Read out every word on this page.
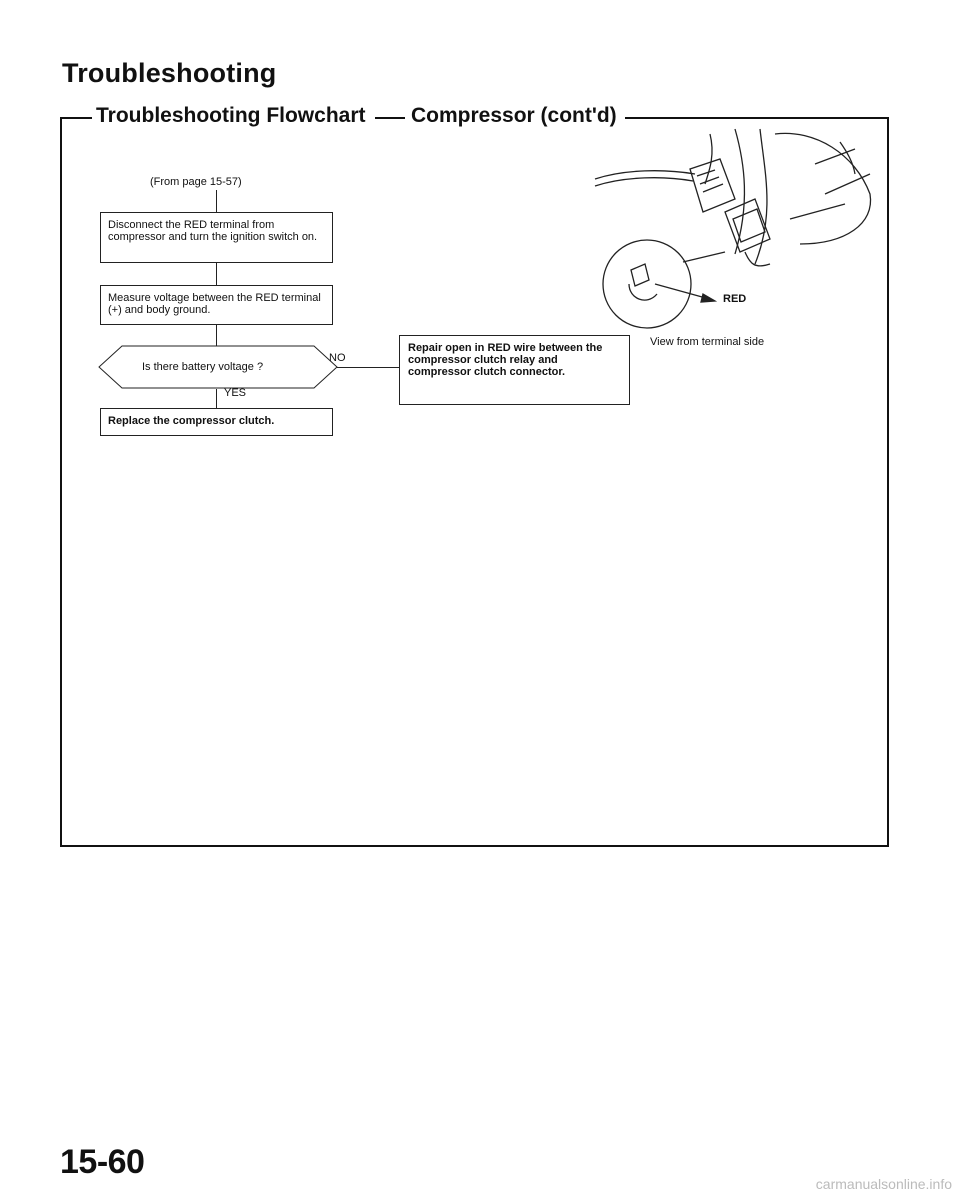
Troubleshooting
Troubleshooting Flowchart Compressor (cont'd)
(From page 15-57)
Disconnect the RED terminal from compressor and turn the ignition switch on.
Measure voltage between the RED terminal (+) and body ground.
Is there battery voltage ?
NO
Repair open in RED wire between the compressor clutch relay and compressor clutch connector.
YES
Replace the compressor clutch.
RED
View from terminal side
15-60
carmanualsonline.info
